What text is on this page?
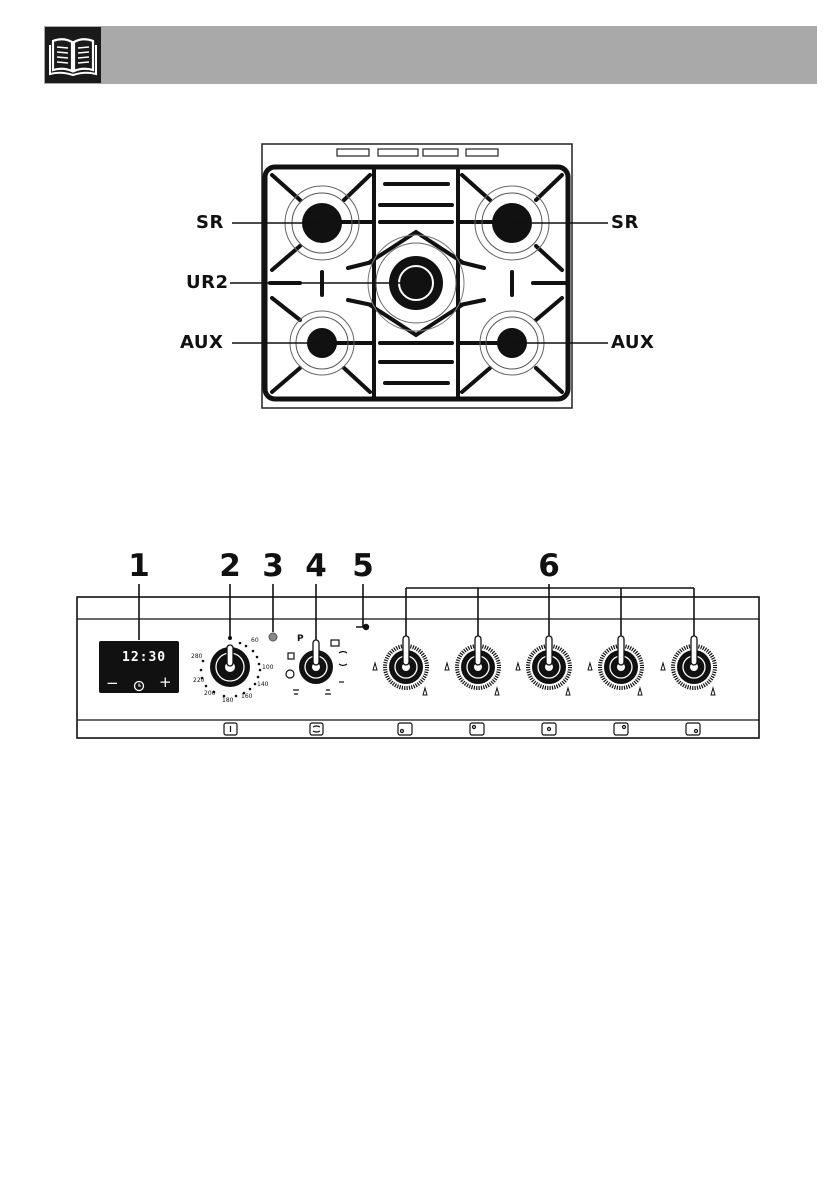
SR	SR
UR2
AUX	AUX
1 2 3 4 5	6
12:30
−	+
60
100
140
160
180
200
220
280
P
